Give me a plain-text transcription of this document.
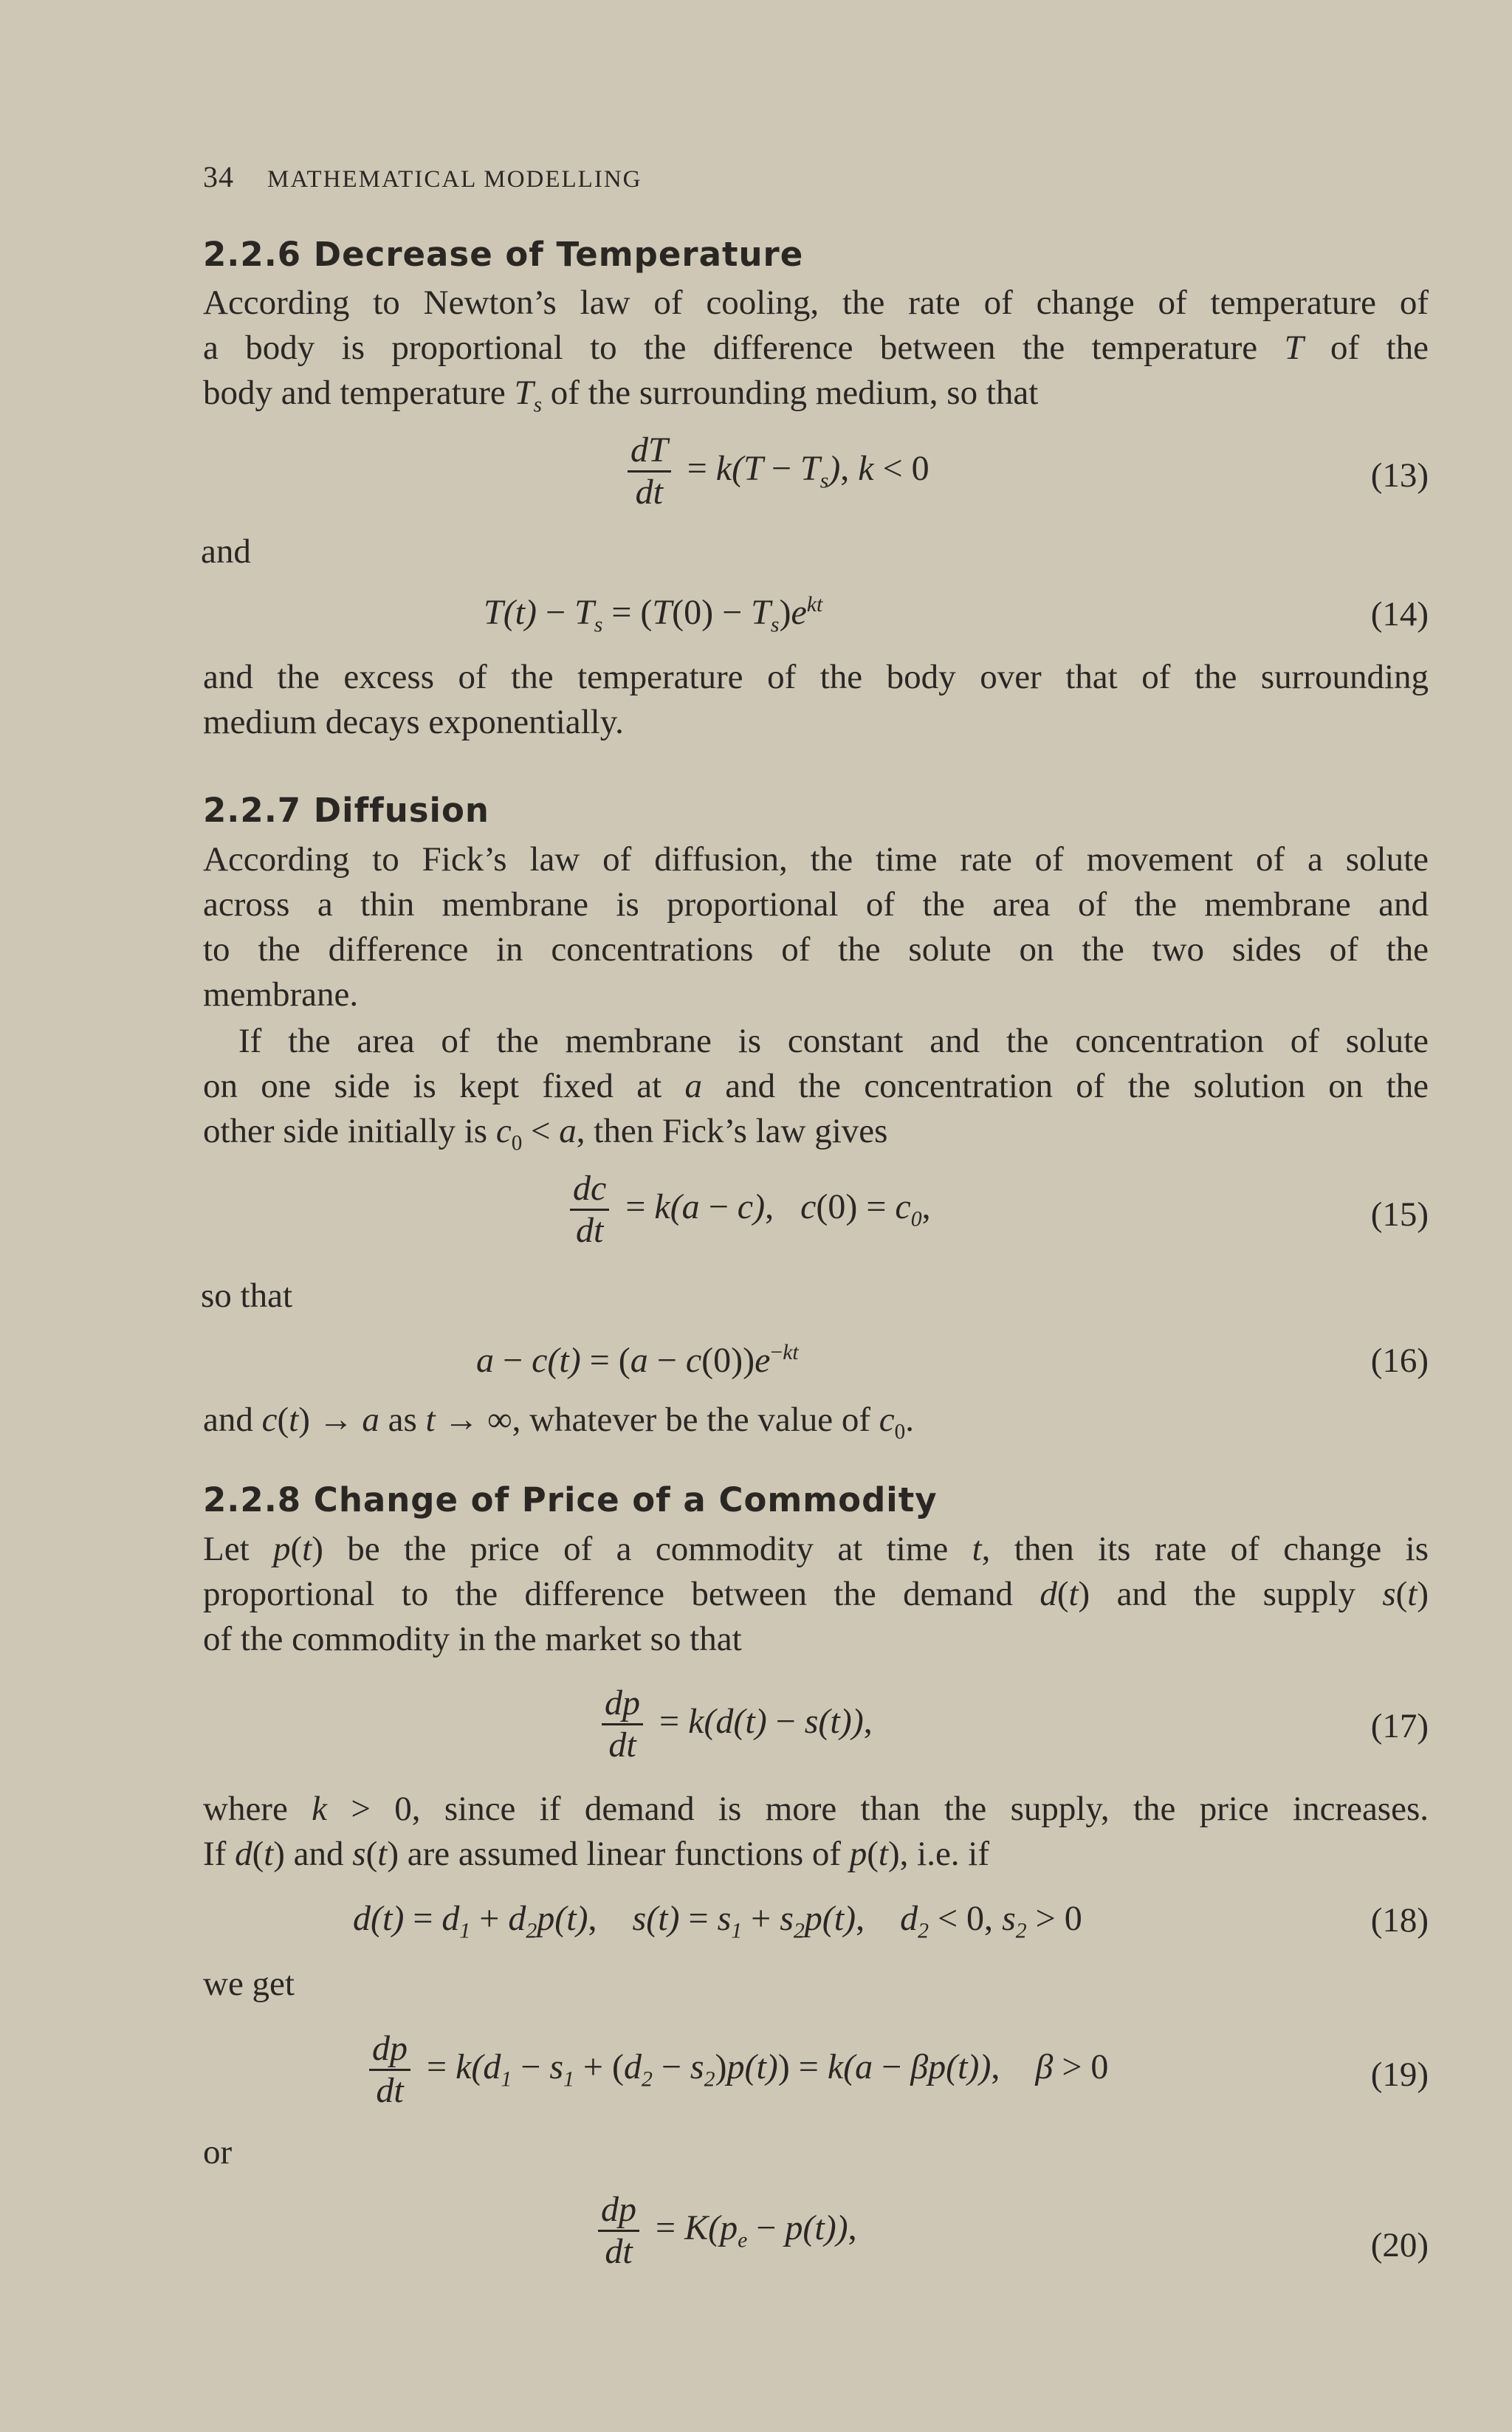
34 MATHEMATICAL MODELLING
2.2.6 Decrease of Temperature
According to Newton’s law of cooling, the rate of change of temperature of
a body is proportional to the difference between the temperature T of the
body and temperature $T_s$ of the surrounding medium, so that
$\frac{dT}{dt} = k(T - T_s)$, k < 0	(13)
and
$T(t) - T_s = (T(0) - T_s)e^{kt}$	(14)
and the excess of the temperature of the body over that of the surrounding
medium decays exponentially.
2.2.7 Diffusion
According to Fick’s law of diffusion, the time rate of movement of a solute
across a thin membrane is proportional of the area of the membrane and
to the difference in concentrations of the solute on the two sides of the
membrane.
If the area of the membrane is constant and the concentration of solute
on one side is kept fixed at a and the concentration of the solution on the
other side initially is $c_0 < a$, then Fick’s law gives
$\frac{dc}{dt} = k(a - c)$,   $c(0) = c_0$,	(15)
so that
$a - c(t) = (a - c(0))e^{-kt}$	(16)
and c(t) → a as t → ∞, whatever be the value of $c_0$.
2.2.8 Change of Price of a Commodity
Let p(t) be the price of a commodity at time t, then its rate of change is
proportional to the difference between the demand d(t) and the supply s(t)
of the commodity in the market so that
$\frac{dp}{dt} = k(d(t) - s(t))$,	(17)
where k > 0, since if demand is more than the supply, the price increases.
If d(t) and s(t) are assumed linear functions of p(t), i.e. if
$d(t) = d_1 + d_2p(t)$,    $s(t) = s_1 + s_2p(t)$,    $d_2 < 0$, $s_2 > 0$	(18)
we get
$\frac{dp}{dt} = k(d_1 - s_1 + (d_2 - s_2)p(t)) = k(a - \beta p(t))$,    β > 0	(19)
or
$\frac{dp}{dt} = K(p_e - p(t))$,	(20)
